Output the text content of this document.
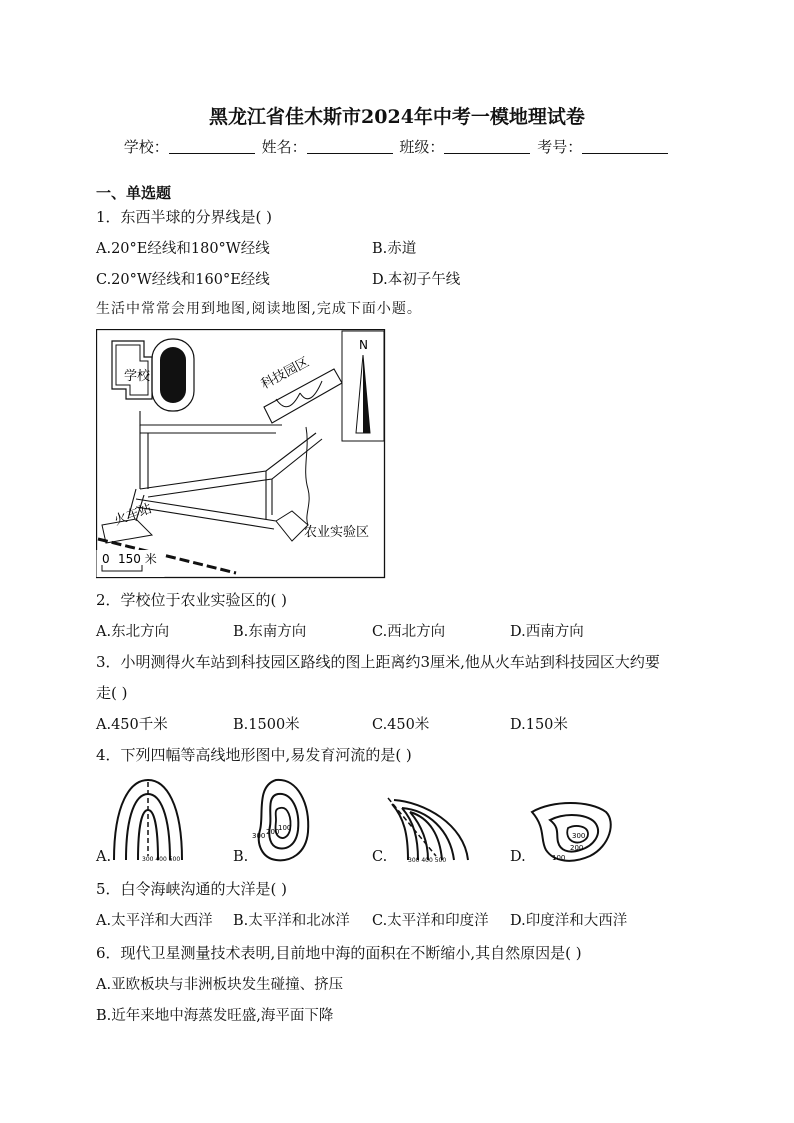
黑龙江省佳木斯市2024年中考一模地理试卷
学校：	姓名：	班级：	考号：
一、单选题
1．东西半球的分界线是( )
A.20°E经线和180°W经线	B.赤道
C.20°W经线和160°E经线	D.本初子午线
生活中常常会用到地图,阅读地图,完成下面小题。
学校	科技园区
N
农业实验区
火车站
0 150 米
2．学校位于农业实验区的( )
A.东北方向	B.东南方向	C.西北方向	D.西南方向
3．小明测得火车站到科技园区路线的图上距离约3厘米,他从火车站到科技园区大约要
走( )
A.450千米	B.1500米	C.450米	D.150米
4．下列四幅等高线地形图中,易发育河流的是( )
A.	300 400 500	B.
100
300 200
C.	300 400 500	D.
300
200
100
5．白令海峡沟通的大洋是( )
A.太平洋和大西洋 B.太平洋和北冰洋 C.太平洋和印度洋 D.印度洋和大西洋
6．现代卫星测量技术表明,目前地中海的面积在不断缩小,其自然原因是( )
A.亚欧板块与非洲板块发生碰撞、挤压
B.近年来地中海蒸发旺盛,海平面下降
